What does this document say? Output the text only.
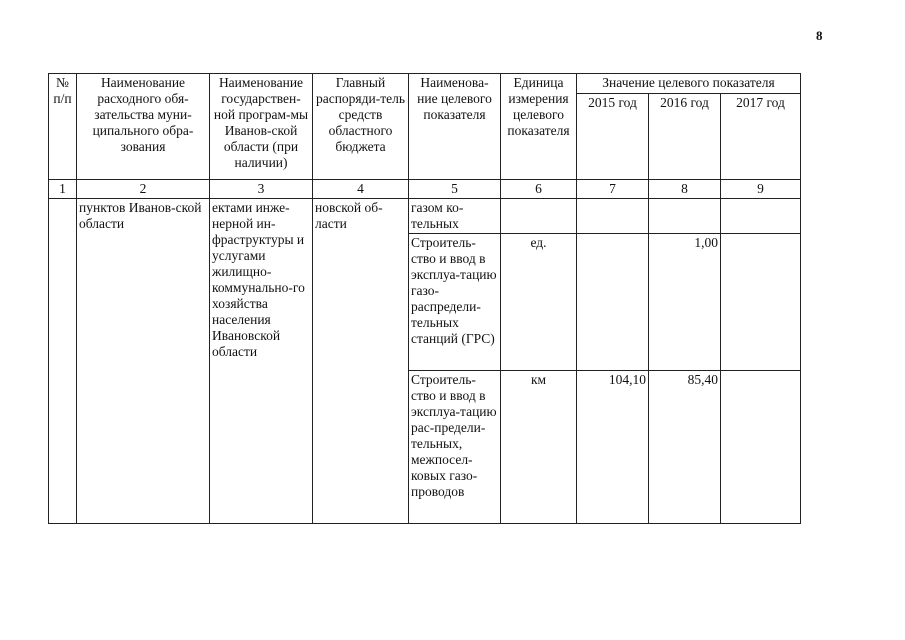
8
№ п/п	Наименование расходного обя-зательства муни-ципального обра-зования	Наименование государствен-ной програм-мы Иванов-ской области (при наличии)	Главный распоряди-тель средств областного бюджета	Наименова-ние целевого показателя	Единица измерения целевого показателя	Значение целевого показателя		
						2015 год	2016 год	2017 год
1	2	3	4	5	6	7	8	9
	пунктов Иванов-ской области	ектами инже-нерной ин-фраструктуры и услугами жилищно-коммунально-го хозяйства населения Ивановской области	новской об-ласти	газом ко-тельных				
				Строитель-ство и ввод в эксплуа-тацию газо-распредели-тельных станций (ГРС)	ед.		1,00	
				Строитель-ство и ввод в эксплуа-тацию рас-предели-тельных, межпосел-ковых газо-проводов	км	104,10	85,40	
